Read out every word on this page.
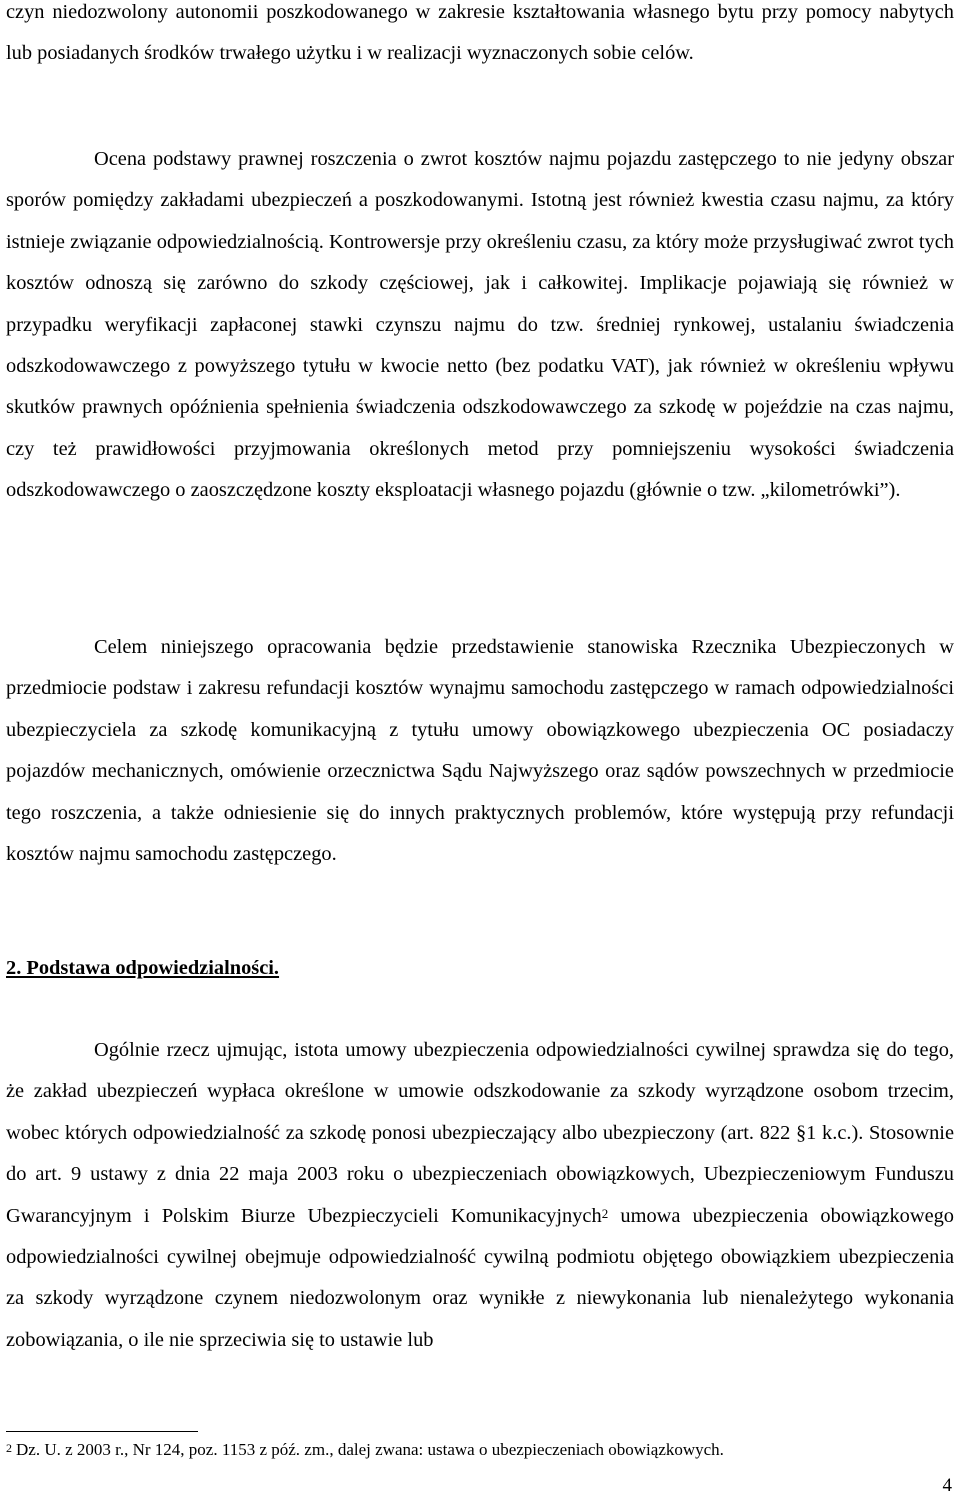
czyn niedozwolony autonomii poszkodowanego w zakresie kształtowania własnego bytu przy pomocy nabytych lub posiadanych środków trwałego użytku i w realizacji wyznaczonych sobie celów.

Ocena podstawy prawnej roszczenia o zwrot kosztów najmu pojazdu zastępczego to nie jedyny obszar sporów pomiędzy zakładami ubezpieczeń a poszkodowanymi. Istotną jest również kwestia czasu najmu, za który istnieje związanie odpowiedzialnością. Kontrowersje przy określeniu czasu, za który może przysługiwać zwrot tych kosztów odnoszą się zarówno do szkody częściowej, jak i całkowitej. Implikacje pojawiają się również w przypadku weryfikacji zapłaconej stawki czynszu najmu do tzw. średniej rynkowej, ustalaniu świadczenia odszkodowawczego z powyższego tytułu w kwocie netto (bez podatku VAT), jak również w określeniu wpływu skutków prawnych opóźnienia spełnienia świadczenia odszkodowawczego za szkodę w pojeździe na czas najmu, czy też prawidłowości przyjmowania określonych metod przy pomniejszeniu wysokości świadczenia odszkodowawczego o zaoszczędzone koszty eksploatacji własnego pojazdu (głównie o tzw. „kilometrówki”).

Celem niniejszego opracowania będzie przedstawienie stanowiska Rzecznika Ubezpieczonych w przedmiocie podstaw i zakresu refundacji kosztów wynajmu samochodu zastępczego w ramach odpowiedzialności ubezpieczyciela za szkodę komunikacyjną z tytułu umowy obowiązkowego ubezpieczenia OC posiadaczy pojazdów mechanicznych, omówienie orzecznictwa Sądu Najwyższego oraz sądów powszechnych w przedmiocie tego roszczenia, a także odniesienie się do innych praktycznych problemów, które występują przy refundacji kosztów najmu samochodu zastępczego.

2. Podstawa odpowiedzialności.

Ogólnie rzecz ujmując, istota umowy ubezpieczenia odpowiedzialności cywilnej sprawdza się do tego, że zakład ubezpieczeń wypłaca określone w umowie odszkodowanie za szkody wyrządzone osobom trzecim, wobec których odpowiedzialność za szkodę ponosi ubezpieczający albo ubezpieczony (art. 822 §1 k.c.). Stosownie do art. 9 ustawy z dnia 22 maja 2003 roku o ubezpieczeniach obowiązkowych, Ubezpieczeniowym Funduszu Gwarancyjnym i Polskim Biurze Ubezpieczycieli Komunikacyjnych$^2$ umowa ubezpieczenia obowiązkowego odpowiedzialności cywilnej obejmuje odpowiedzialność cywilną podmiotu objętego obowiązkiem ubezpieczenia za szkody wyrządzone czynem niedozwolonym oraz wynikłe z niewykonania lub nienależytego wykonania zobowiązania, o ile nie sprzeciwia się to ustawie lub

$^2$ Dz. U. z 2003 r., Nr 124, poz. 1153 z póź. zm., dalej zwana: ustawa o ubezpieczeniach obowiązkowych.

4
